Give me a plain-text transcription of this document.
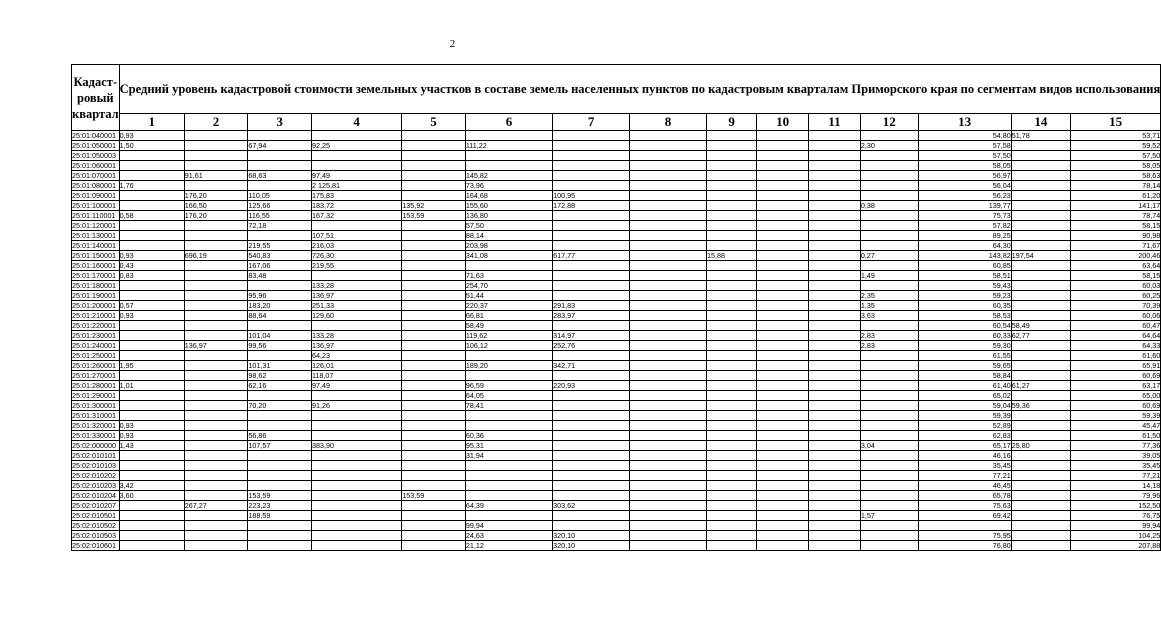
2
Кадаст-
ровый
квартал	Средний уровень кадастровой стоимости земельных участков в составе земель населенных пунктов по кадастровым кварталам Приморского края по сегментам видов использования														
	1	2	3	4	5	6	7	8	9	10	11	12	13	14	15
25:01:040001	0,93												54,80	51,78	53,71
25:01:050001	1,50		67,94	92,25		111,22						2,30	57,58		59,52
25:01:050003													57,50		57,50
25:01:060001													58,05		58,05
25:01:070001		91,61	68,63	97,49		145,82							56,97		58,63
25:01:080001	1,76			2 125,81		73,96							56,04		78,14
25:01:090001		176,20	110,05	175,83		164,68	100,95						56,23		61,20
25:01:100001		166,50	125,66	183,72	135,92	155,60	172,88					0,38	139,77		141,17
25:01:110001	0,58	176,20	116,55	167,32	153,59	136,80							75,73		78,74
25:01:120001			72,18			57,50							57,82		58,15
25:01:130001				107,51		88,14							89,25		90,98
25:01:140001			219,55	216,03		203,98							64,30		71,67
25:01:150001	0,93	696,19	540,83	726,30		341,08	617,77		15,88			0,27	143,82	197,54	200,46
25:01:160001	0,43		167,06	219,55									60,85		63,64
25:01:170001	0,83		83,48			71,63						1,49	58,51		58,15
25:01:180001				133,28		254,70							59,43		60,03
25:01:190001			95,96	136,97		51,44						2,35	59,23		60,25
25:01:200001	0,57		183,20	251,33		220,37	291,83					1,35	60,35		70,39
25:01:210001	0,93		88,64	129,60		66,81	283,97					3,63	58,53		60,06
25:01:220001						58,49							60,54	58,49	60,47
25:01:230001			101,04	133,28		119,62	314,97					2,83	60,33	62,77	64,64
25:01:240001		136,97	99,56	136,97		106,12	252,76					2,83	59,30		64,33
25:01:250001				64,23									61,55		61,60
25:01:260001	1,95		101,31	126,01		189,20	342,71						59,65		65,91
25:01:270001			98,62	118,07									58,84		60,69
25:01:280001	1,01		62,16	97,49		96,59	220,93						61,40	61,27	63,17
25:01:290001						64,05							65,02		65,00
25:01:300001			70,20	91,26		78,41							59,04	59,36	60,69
25:01:310001													59,39		59,39
25:01:320001	0,93												52,89		45,47
25:01:330001	0,93		56,86			60,36							62,83		61,50
25:02:000000	1,43		107,57	383,90		95,31						3,04	65,17	25,80	77,36
25:02:010101						31,94							46,16		39,05
25:02:010103													35,45		35,45
25:02:010202													77,21		77,21
25:02:010203	3,42												46,45		14,18
25:02:010204	3,60		153,59		153,59								65,78		79,96
25:02:010207		267,27	223,23			64,39	303,62						75,63		152,50
25:02:010501			188,59									1,57	69,42		76,75
25:02:010502						99,94									99,94
25:02:010503						24,63	320,10						75,95		104,25
25:02:010601						21,12	320,10						76,80		207,88
